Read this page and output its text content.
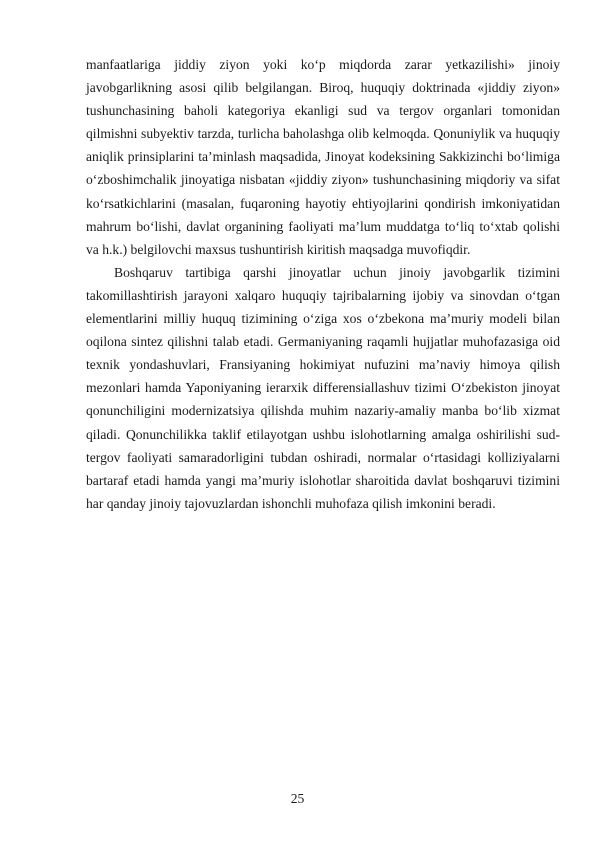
manfaatlariga jiddiy ziyon yoki ko‘p miqdorda zarar yetkazilishi» jinoiy javobgarlikning asosi qilib belgilangan. Biroq, huquqiy doktrinada «jiddiy ziyon» tushunchasining baholi kategoriya ekanligi sud va tergov organlari tomonidan qilmishni subyektiv tarzda, turlicha baholashga olib kelmoqda. Qonuniylik va huquqiy aniqlik prinsiplarini ta’minlash maqsadida, Jinoyat kodeksining Sakkizinchi bo‘limiga o‘zboshimchalik jinoyatiga nisbatan «jiddiy ziyon» tushunchasining miqdoriy va sifat ko‘rsatkichlarini (masalan, fuqaroning hayotiy ehtiyojlarini qondirish imkoniyatidan mahrum bo‘lishi, davlat organining faoliyati ma’lum muddatga to‘liq to‘xtab qolishi va h.k.) belgilovchi maxsus tushuntirish kiritish maqsadga muvofiqdir.

Boshqaruv tartibiga qarshi jinoyatlar uchun jinoiy javobgarlik tizimini takomillashtirish jarayoni xalqaro huquqiy tajribalarning ijobiy va sinovdan o‘tgan elementlarini milliy huquq tizimining o‘ziga xos o‘zbekona ma’muriy modeli bilan oqilona sintez qilishni talab etadi. Germaniyaning raqamli hujjatlar muhofazasiga oid texnik yondashuvlari, Fransiyaning hokimiyat nufuzini ma’naviy himoya qilish mezonlari hamda Yaponiyaning ierarxik differensiallashuv tizimi O‘zbekiston jinoyat qonunchiligini modernizatsiya qilishda muhim nazariy-amaliy manba bo‘lib xizmat qiladi. Qonunchilikka taklif etilayotgan ushbu islohotlarning amalga oshirilishi sud-tergov faoliyati samaradorligini tubdan oshiradi, normalar o‘rtasidagi kolliziyalarni bartaraf etadi hamda yangi ma’muriy islohotlar sharoitida davlat boshqaruvi tizimini har qanday jinoiy tajovuzlardan ishonchli muhofaza qilish imkonini beradi.

25
